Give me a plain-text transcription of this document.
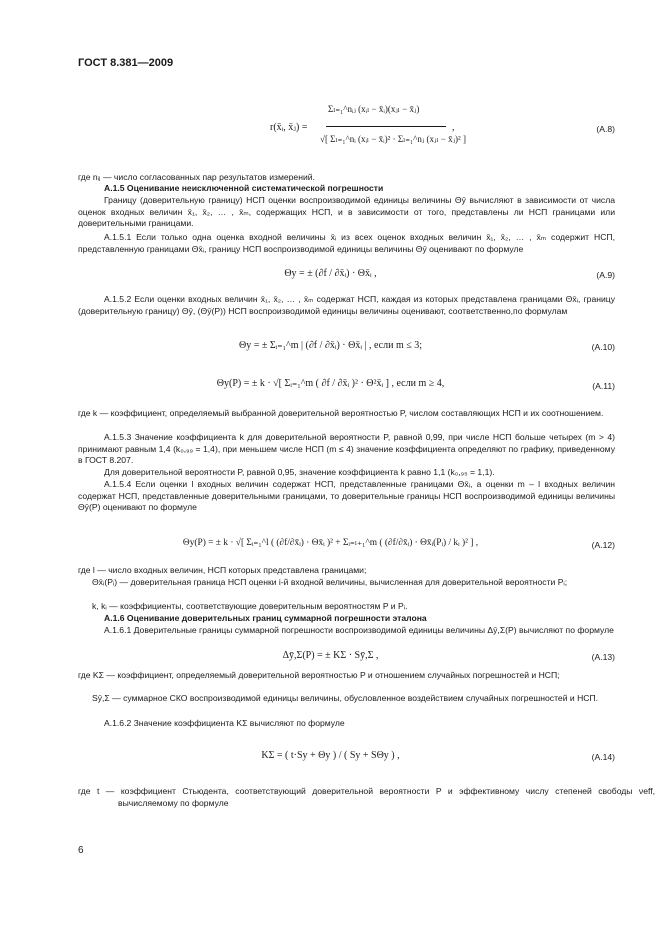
ГОСТ 8.381—2009
r(x̄ᵢ, x̄ⱼ) =
Σₗ₌₁^nᵢⱼ (xᵢₗ − x̄ᵢ)(xⱼₗ − x̄ⱼ)
√[ Σₗ₌₁^nᵢ (xᵢₗ − x̄ᵢ)² · Σₗ₌₁^nⱼ (xⱼₗ − x̄ⱼ)² ]
,	(A.8)
где nᵢⱼ — число согласованных пар результатов измерений.
А.1.5 Оценивание неисключенной систематической погрешности
Границу (доверительную границу) НСП оценки воспроизводимой единицы величины Θȳ вычисляют в зависимости от числа оценок входных величин x̄₁, x̄₂, … , x̄ₘ, содержащих НСП, и в зависимости от того, представлены ли НСП границами или доверительными границами.
А.1.5.1 Если только одна оценка входной величины x̄ᵢ из всех оценок входных величин x̄₁, x̄₂, … , x̄ₘ содержит НСП, представленную границами Θx̄ᵢ, границу НСП воспроизводимой единицы величины Θȳ оценивают по формуле
Θy = ± (∂f / ∂x̄ᵢ) · Θx̄ᵢ ,	(A.9)
А.1.5.2 Если оценки входных величин x̄₁, x̄₂, … , x̄ₘ содержат НСП, каждая из которых представлена границами Θx̄ᵢ, границу (доверительную границу) Θȳ, (Θȳ(P)) НСП воспроизводимой единицы величины оценивают, соответственно,по формулам
Θy = ± Σᵢ₌₁^m | (∂f / ∂x̄ᵢ) · Θx̄ᵢ | , если m ≤ 3;	(A.10)
Θy(P) = ± k · √[ Σᵢ₌₁^m ( ∂f / ∂x̄ᵢ )² · Θ²x̄ᵢ ] , если m ≥ 4,	(A.11)
где k — коэффициент, определяемый выбранной доверительной вероятностью P, числом составляющих НСП и их соотношением.
А.1.5.3 Значение коэффициента k для доверительной вероятности P, равной 0,99, при числе НСП больше четырех (m > 4) принимают равным 1,4 (k₀,₉₉ = 1,4), при меньшем числе НСП (m ≤ 4) значение коэффициента определяют по графику, приведенному в ГОСТ 8.207.
Для доверительной вероятности P, равной 0,95, значение коэффициента k равно 1,1 (k₀,₉₅ = 1,1).
А.1.5.4 Если оценки l входных величин содержат НСП, представленные границами Θx̄ᵢ, а оценки m – l входных величин содержат НСП, представленные доверительными границами, то доверительные границы НСП воспроизводимой единицы величины Θȳ(P) оценивают по формуле
Θy(P) = ± k · √[ Σᵢ₌₁^l ( (∂f/∂x̄ᵢ) · Θx̄ᵢ )² + Σᵢ₌ₗ₊₁^m ( (∂f/∂x̄ᵢ) · Θx̄ᵢ(Pᵢ) / kᵢ )² ] ,	(A.12)
где l — число входных величин, НСП которых представлена границами;
Θx̄ᵢ(Pᵢ) — доверительная граница НСП оценки i-й входной величины, вычисленная для доверительной вероятности Pᵢ;
k, kᵢ — коэффициенты, соответствующие доверительным вероятностям P и Pᵢ.
А.1.6 Оценивание доверительных границ суммарной погрешности эталона
А.1.6.1 Доверительные границы суммарной погрешности воспроизводимой единицы величины Δȳ,Σ(P) вычисляют по формуле
Δȳ,Σ(P) = ± KΣ · Sȳ,Σ ,	(A.13)
где KΣ — коэффициент, определяемый доверительной вероятностью P и отношением случайных погрешностей и НСП;
Sȳ,Σ — суммарное СКО воспроизводимой единицы величины, обусловленное воздействием случайных погрешностей и НСП.
А.1.6.2 Значение коэффициента KΣ вычисляют по формуле
KΣ = ( t·Sy + Θy ) / ( Sy + SΘy ) ,	(A.14)
где t — коэффициент Стьюдента, соответствующий доверительной вероятности P и эффективному числу степеней свободы νeff, вычисляемому по формуле
6
